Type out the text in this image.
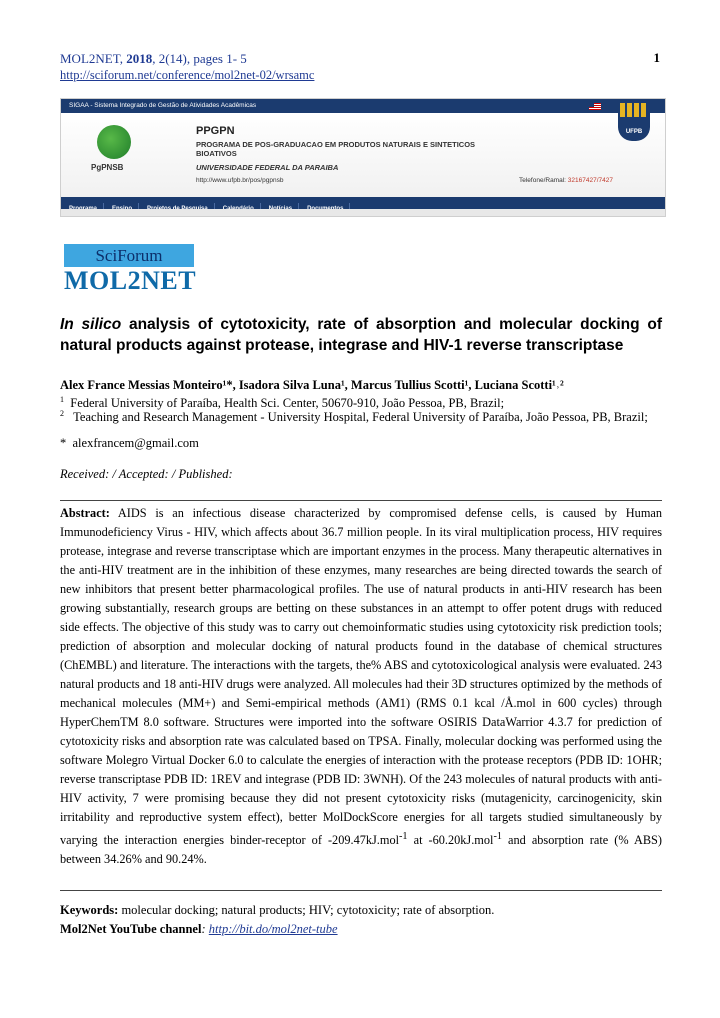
MOL2NET, 2018, 2(14), pages 1- 5
http://sciforum.net/conference/mol2net-02/wrsamc
1
SIGAA - Sistema Integrado de Gestão de Atividades Acadêmicas
PgPNSB
PPGPN
PROGRAMA DE POS-GRADUACAO EM PRODUTOS NATURAIS E SINTETICOS BIOATIVOS
UNIVERSIDADE FEDERAL DA PARAIBA
http://www.ufpb.br/pos/pgpnsb	Telefone/Ramal: 32167427/7427
UFPB
SciForum
MOL2NET
In silico analysis of cytotoxicity, rate of absorption and molecular docking of natural products against protease, integrase and HIV-1 reverse transcriptase
Alex France Messias Monteiro¹*, Isadora Silva Luna¹, Marcus Tullius Scotti¹, Luciana Scotti¹˒²
$^1$ Federal University of Paraíba, Health Sci. Center, 50670-910, João Pessoa, PB, Brazil;
$^2$ Teaching and Research Management - University Hospital, Federal University of Paraíba, João Pessoa, PB, Brazil;
* alexfrancem@gmail.com
Received: / Accepted: / Published:
Abstract: AIDS is an infectious disease characterized by compromised defense cells, is caused by Human Immunodeficiency Virus - HIV, which affects about 36.7 million people. In its viral multiplication process, HIV requires protease, integrase and reverse transcriptase which are important enzymes in the process. Many therapeutic alternatives in the anti-HIV treatment are in the inhibition of these enzymes, many researches are being directed towards the search of new inhibitors that present better pharmacological profiles. The use of natural products in anti-HIV research has been growing substantially, research groups are betting on these substances in an attempt to offer potent drugs with reduced side effects. The objective of this study was to carry out chemoinformatic studies using cytotoxicity risk prediction tools; prediction of absorption and molecular docking of natural products found in the database of chemical structures (ChEMBL) and literature. The interactions with the targets, the% ABS and cytotoxicological analysis were evaluated. 243 natural products and 18 anti-HIV drugs were analyzed. All molecules had their 3D structures optimized by the methods of mechanical molecules (MM+) and Semi-empirical methods (AM1) (RMS 0.1 kcal /Å.mol in 600 cycles) through HyperChemTM 8.0 software. Structures were imported into the software OSIRIS DataWarrior 4.3.7 for prediction of cytotoxicity risks and absorption rate was calculated based on TPSA. Finally, molecular docking was performed using the software Molegro Virtual Docker 6.0 to calculate the energies of interaction with the protease receptors (PDB ID: 1OHR; reverse transcriptase PDB ID: 1REV and integrase (PDB ID: 3WNH). Of the 243 molecules of natural products with anti-HIV activity, 7 were promising because they did not present cytotoxicity risks (mutagenicity, carcinogenicity, skin irritability and reproductive system effect), better MolDockScore energies for all targets studied simultaneously by varying the interaction energies binder-receptor of -209.47kJ.mol$^{-1}$ at -60.20kJ.mol$^{-1}$ and absorption rate (% ABS) between 34.26% and 90.24%.
Keywords: molecular docking; natural products; HIV; cytotoxicity; rate of absorption.
Mol2Net YouTube channel: http://bit.do/mol2net-tube
